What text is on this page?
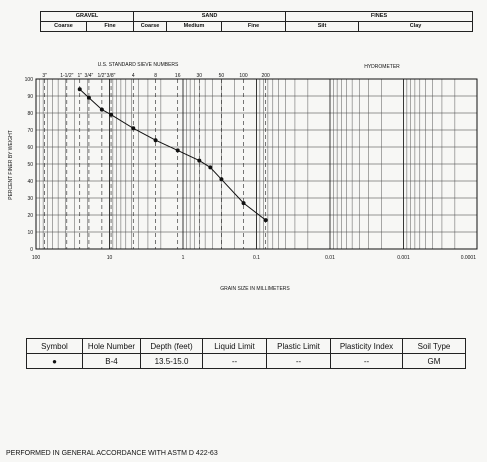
GRAVEL		SAND			FINES	
Coarse	Fine	Coarse	Medium	Fine	Silt	Clay
0
10
20
30
40
50
60
70
80
90
100
100	10	1	0.1	0.01	0.001	0.0001
3"	1-1/2" 1" 3/4" 1/2" 3/8"	4	8	16	30	50	100	200
U.S. STANDARD SIEVE NUMBERS	HYDROMETER
GRAIN SIZE IN MILLIMETERS
PERCENT FINER BY WEIGHT
Symbol	Hole Number	Depth (feet)	Liquid Limit	Plastic Limit	Plasticity Index	Soil Type
●	B-4	13.5-15.0	--	--	--	GM
PERFORMED IN GENERAL ACCORDANCE WITH ASTM D 422-63
